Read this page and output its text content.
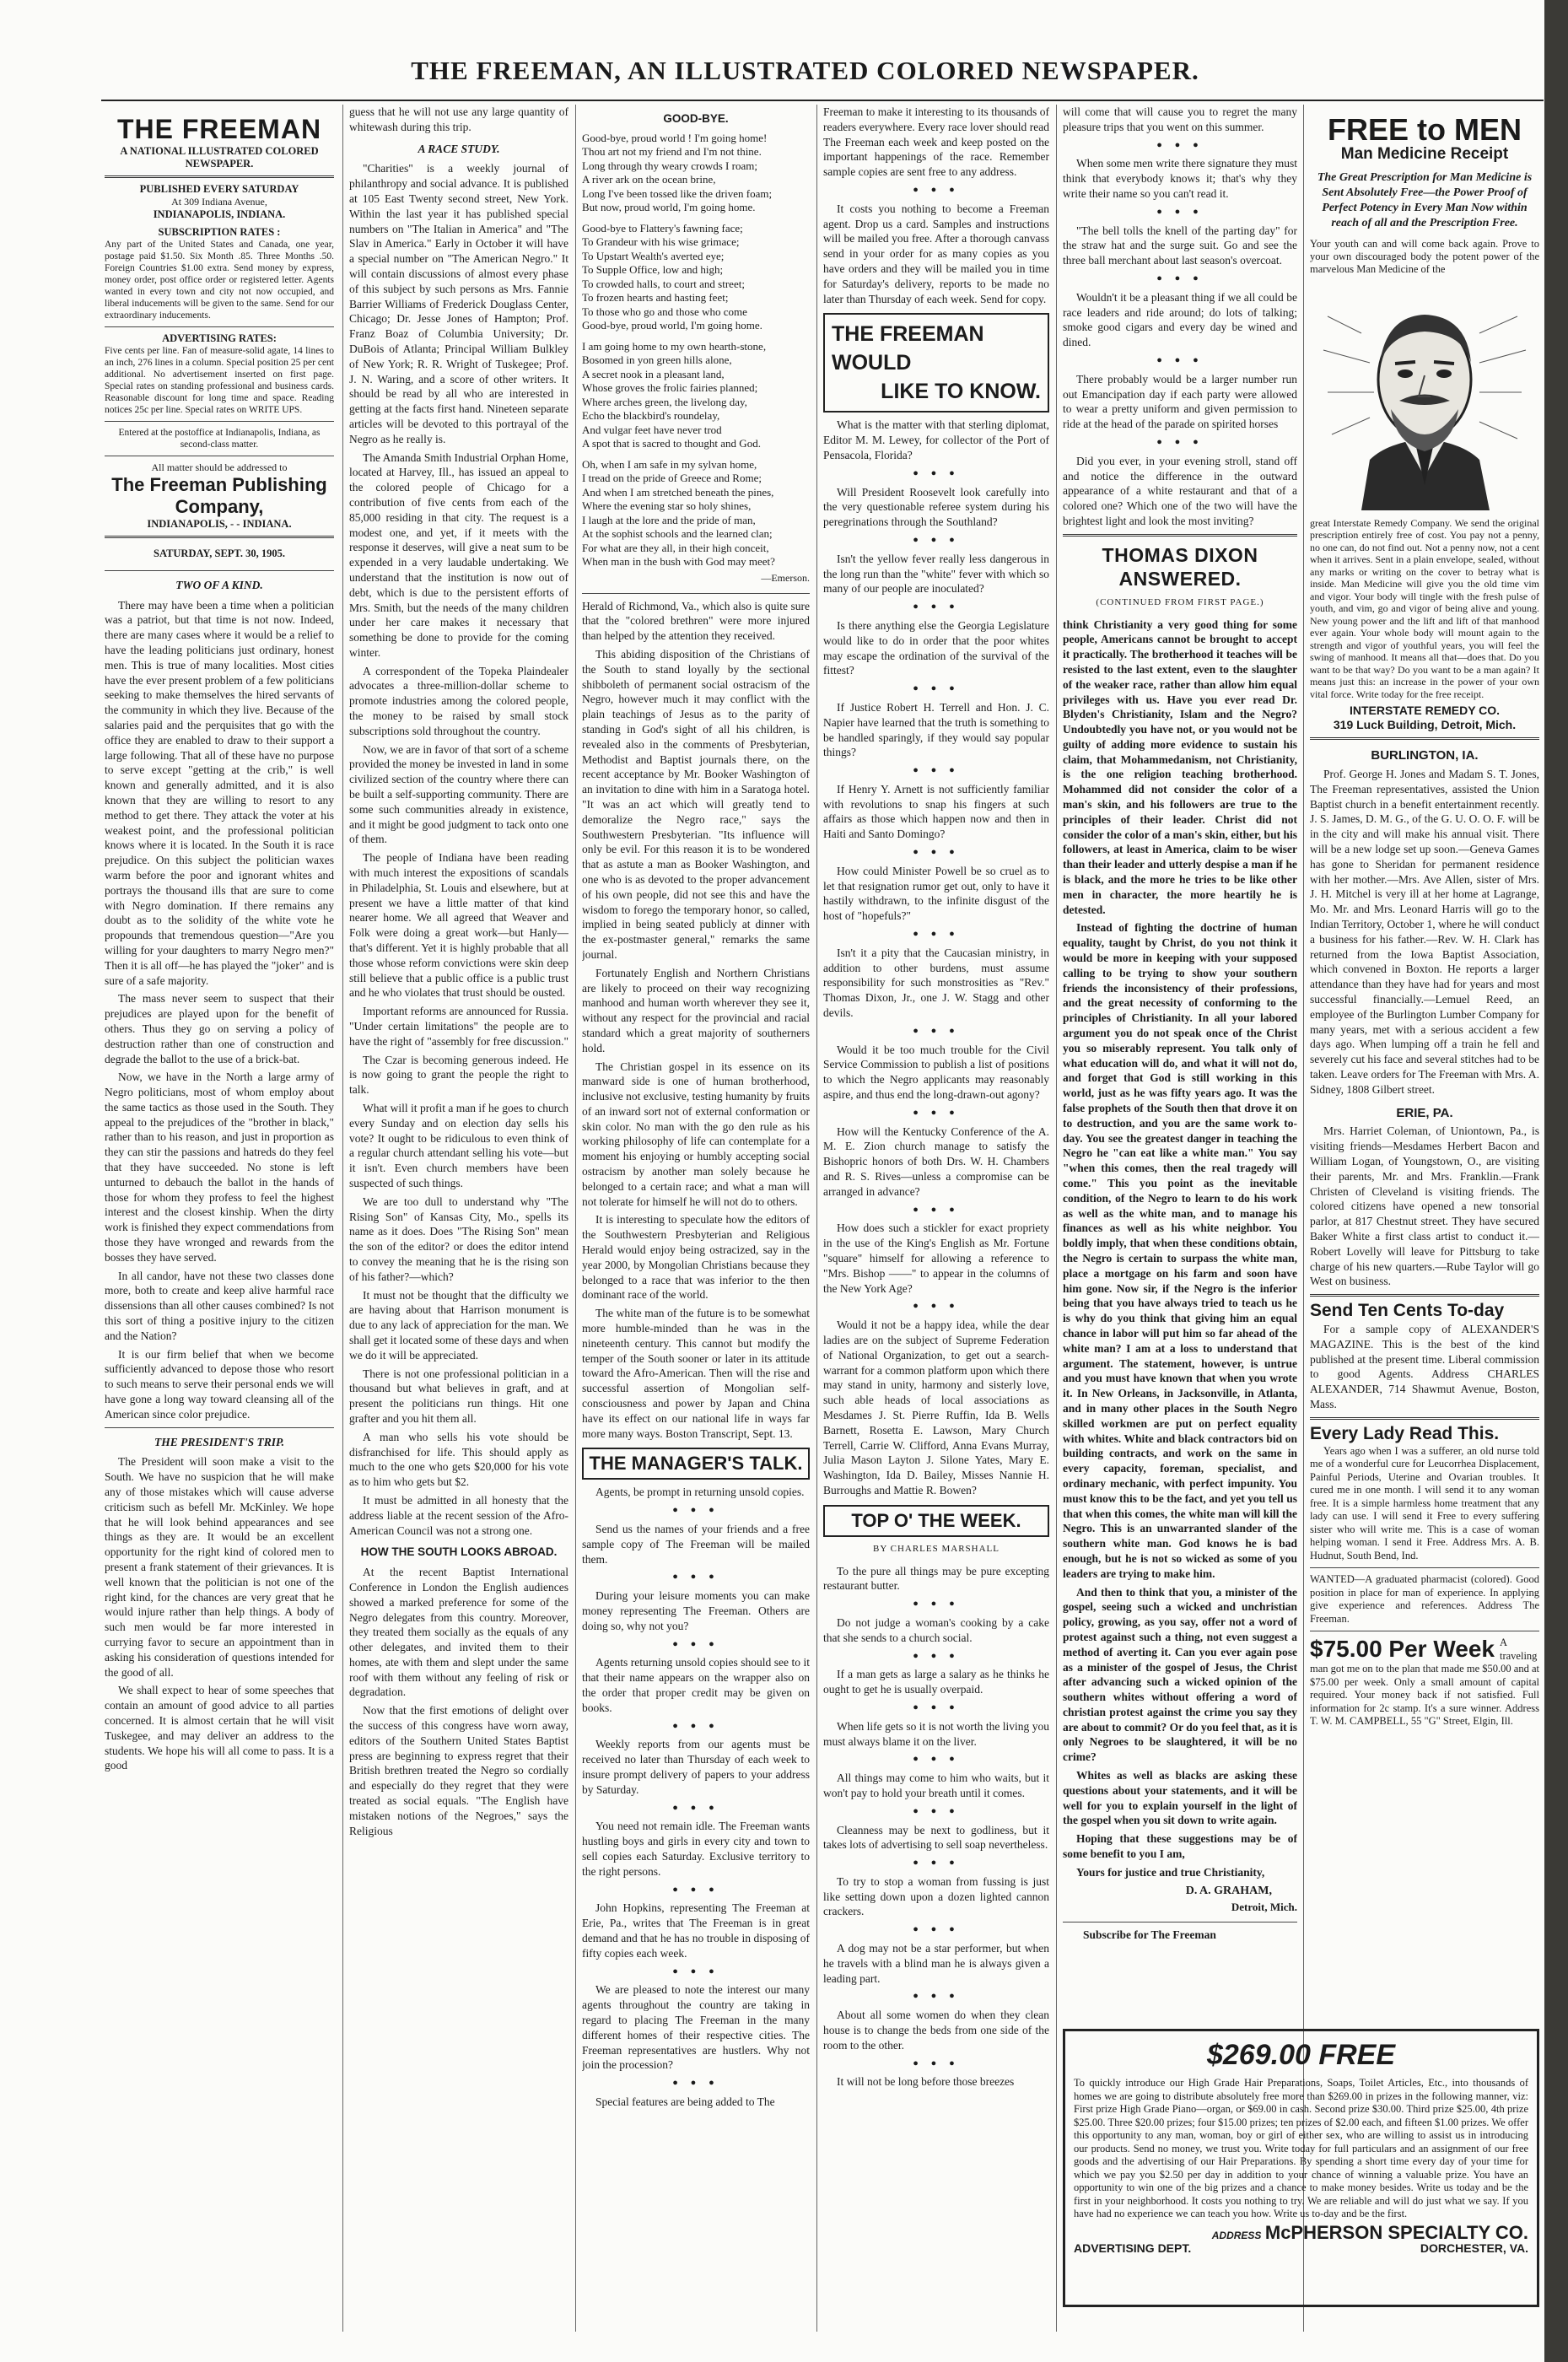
THE FREEMAN, AN ILLUSTRATED COLORED NEWSPAPER.
THE FREEMAN
A NATIONAL ILLUSTRATED COLORED NEWSPAPER.
PUBLISHED EVERY SATURDAY
At 309 Indiana Avenue,
INDIANAPOLIS, INDIANA.
SUBSCRIPTION RATES :
Any part of the United States and Canada, one year, postage paid $1.50. Six Month .85. Three Months .50. Foreign Countries $1.00 extra. Send money by express, money order, post office order or registered letter. Agents wanted in every town and city not now occupied, and liberal inducements will be given to the same. Send for our extraordinary inducements.
ADVERTISING RATES:
Five cents per line. Fan of measure-solid agate, 14 lines to an inch, 276 lines in a column. Special position 25 per cent additional. No advertisement inserted on first page. Special rates on standing professional and business cards. Reasonable discount for long time and space. Reading notices 25c per line. Special rates on WRITE UPS.
Entered at the postoffice at Indianapolis, Indiana, as second-class matter.
All matter should be addressed to
The Freeman Publishing Company,
INDIANAPOLIS, - - INDIANA.
SATURDAY, SEPT. 30, 1905.
TWO OF A KIND.

There may have been a time when a politician was a patriot, but that time is not now. Indeed, there are many cases where it would be a relief to have the leading politicians just ordinary, honest men. This is true of many localities. Most cities have the ever present problem of a few politicians seeking to make themselves the hired servants of the community in which they live. Because of the salaries paid and the perquisites that go with the office they are enabled to draw to their support a large following. That all of these have no purpose to serve except "getting at the crib," is well known and generally admitted, and it is also known that they are willing to resort to any method to get there. They attack the voter at his weakest point, and the professional politician knows where it is located. In the South it is race prejudice. On this subject the politician waxes warm before the poor and ignorant whites and portrays the thousand ills that are sure to come with Negro domination. If there remains any doubt as to the solidity of the white vote he propounds that tremendous question—"Are you willing for your daughters to marry Negro men?" Then it is all off—he has played the "joker" and is sure of a safe majority.

The mass never seem to suspect that their prejudices are played upon for the benefit of others. Thus they go on serving a policy of destruction rather than one of construction and degrade the ballot to the use of a brick-bat.

Now, we have in the North a large army of Negro politicians, most of whom employ about the same tactics as those used in the South. They appeal to the prejudices of the "brother in black," rather than to his reason, and just in proportion as they can stir the passions and hatreds do they feel that they have succeeded. No stone is left unturned to debauch the ballot in the hands of those for whom they profess to feel the highest interest and the closest kinship. When the dirty work is finished they expect commendations from those they have wronged and rewards from the bosses they have served.

In all candor, have not these two classes done more, both to create and keep alive harmful race dissensions than all other causes combined? Is not this sort of thing a positive injury to the citizen and the Nation?

It is our firm belief that when we become sufficiently advanced to depose those who resort to such means to serve their personal ends we will have gone a long way toward cleansing all of the American since color prejudice.

THE PRESIDENT'S TRIP.

The President will soon make a visit to the South. We have no suspicion that he will make any of those mistakes which will cause adverse criticism such as befell Mr. McKinley. We hope that he will look behind appearances and see things as they are. It would be an excellent opportunity for the right kind of colored men to present a frank statement of their grievances. It is well known that the politician is not one of the right kind, for the chances are very great that he would injure rather than help things. A body of such men would be far more interested in currying favor to secure an appointment than in asking his consideration of questions intended for the good of all.

We shall expect to hear of some speeches that contain an amount of good advice to all parties concerned. It is almost certain that he will visit Tuskegee, and may deliver an address to the students. We hope his will all come to pass. It is a good

guess that he will not use any large quantity of whitewash during this trip.

A RACE STUDY.

"Charities" is a weekly journal of philanthropy and social advance. It is published at 105 East Twenty second street, New York. Within the last year it has published special numbers on "The Italian in America" and "The Slav in America." Early in October it will have a special number on "The American Negro." It will contain discussions of almost every phase of this subject by such persons as Mrs. Fannie Barrier Williams of Frederick Douglass Center, Chicago; Dr. Jesse Jones of Hampton; Prof. Franz Boaz of Columbia University; Dr. DuBois of Atlanta; Principal William Bulkley of New York; R. R. Wright of Tuskegee; Prof. J. N. Waring, and a score of other writers. It should be read by all who are interested in getting at the facts first hand. Nineteen separate articles will be devoted to this portrayal of the Negro as he really is.

The Amanda Smith Industrial Orphan Home, located at Harvey, Ill., has issued an appeal to the colored people of Chicago for a contribution of five cents from each of the 85,000 residing in that city. The request is a modest one, and yet, if it meets with the response it deserves, will give a neat sum to be expended in a very laudable undertaking. We understand that the institution is now out of debt, which is due to the persistent efforts of Mrs. Smith, but the needs of the many children under her care makes it necessary that something be done to provide for the coming winter.

A correspondent of the Topeka Plaindealer advocates a three-million-dollar scheme to promote industries among the colored people, the money to be raised by small stock subscriptions sold throughout the country.

Now, we are in favor of that sort of a scheme provided the money be invested in land in some civilized section of the country where there can be built a self-supporting community. There are some such communities already in existence, and it might be good judgment to tack onto one of them.

The people of Indiana have been reading with much interest the expositions of scandals in Philadelphia, St. Louis and elsewhere, but at present we have a little matter of that kind nearer home. We all agreed that Weaver and Folk were doing a great work—but Hanly—that's different. Yet it is highly probable that all those whose reform convictions were skin deep still believe that a public office is a public trust and he who violates that trust should be ousted.

Important reforms are announced for Russia. "Under certain limitations" the people are to have the right of "assembly for free discussion."

The Czar is becoming generous indeed. He is now going to grant the people the right to talk.

What will it profit a man if he goes to church every Sunday and on election day sells his vote? It ought to be ridiculous to even think of a regular church attendant selling his vote—but it isn't. Even church members have been suspected of such things.

We are too dull to understand why "The Rising Son" of Kansas City, Mo., spells its name as it does. Does "The Rising Son" mean the son of the editor? or does the editor intend to convey the meaning that he is the rising son of his father?—which?

It must not be thought that the difficulty we are having about that Harrison monument is due to any lack of appreciation for the man. We shall get it located some of these days and when we do it will be appreciated.

There is not one professional politician in a thousand but what believes in graft, and at present the politicians run things. Hit one grafter and you hit them all.

A man who sells his vote should be disfranchised for life. This should apply as much to the one who gets $20,000 for his vote as to him who gets but $2.

It must be admitted in all honesty that the address liable at the recent session of the Afro-American Council was not a strong one.

HOW THE SOUTH LOOKS ABROAD.

At the recent Baptist International Conference in London the English audiences showed a marked preference for some of the Negro delegates from this country. Moreover, they treated them socially as the equals of any other delegates, and invited them to their homes, ate with them and slept under the same roof with them without any feeling of risk or degradation.

Now that the first emotions of delight over the success of this congress have worn away, editors of the Southern United States Baptist press are beginning to express regret that their British brethren treated the Negro so cordially and especially do they regret that they were treated as social equals. "The English have mistaken notions of the Negroes," says the Religious

GOOD-BYE.
Good-bye, proud world ! I'm going home!
Thou art not my friend and I'm not thine.
Long through thy weary crowds I roam;
A river ark on the ocean brine,
Long I've been tossed like the driven foam;
But now, proud world, I'm going home.
Good-bye to Flattery's fawning face;
To Grandeur with his wise grimace;
To Upstart Wealth's averted eye;
To Supple Office, low and high;
To crowded halls, to court and street;
To frozen hearts and hasting feet;
To those who go and those who come
Good-bye, proud world, I'm going home.
I am going home to my own hearth-stone,
Bosomed in yon green hills alone,
A secret nook in a pleasant land,
Whose groves the frolic fairies planned;
Where arches green, the livelong day,
Echo the blackbird's roundelay,
And vulgar feet have never trod
A spot that is sacred to thought and God.
Oh, when I am safe in my sylvan home,
I tread on the pride of Greece and Rome;
And when I am stretched beneath the pines,
Where the evening star so holy shines,
I laugh at the lore and the pride of man,
At the sophist schools and the learned clan;
For what are they all, in their high conceit,
When man in the bush with God may meet?
—Emerson.

Herald of Richmond, Va., which also is quite sure that the "colored brethren" were more injured than helped by the attention they received.

This abiding disposition of the Christians of the South to stand loyally by the sectional shibboleth of permanent social ostracism of the Negro, however much it may conflict with the plain teachings of Jesus as to the parity of standing in God's sight of all his children, is revealed also in the comments of Presbyterian, Methodist and Baptist journals there, on the recent acceptance by Mr. Booker Washington of an invitation to dine with him in a Saratoga hotel. "It was an act which will greatly tend to demoralize the Negro race," says the Southwestern Presbyterian. "Its influence will only be evil. For this reason it is to be wondered that as astute a man as Booker Washington, and one who is as devoted to the proper advancement of his own people, did not see this and have the wisdom to forego the temporary honor, so called, implied in being seated publicly at dinner with the ex-postmaster general," remarks the same journal.

Fortunately English and Northern Christians are likely to proceed on their way recognizing manhood and human worth wherever they see it, without any respect for the provincial and racial standard which a great majority of southerners hold.

The Christian gospel in its essence on its manward side is one of human brotherhood, inclusive not exclusive, testing humanity by fruits of an inward sort not of external conformation or skin color. No man with the go den rule as his working philosophy of life can contemplate for a moment his enjoying or humbly accepting social ostracism by another man solely because he belonged to a certain race; and what a man will not tolerate for himself he will not do to others.

It is interesting to speculate how the editors of the Southwestern Presbyterian and Religious Herald would enjoy being ostracized, say in the year 2000, by Mongolian Christians because they belonged to a race that was inferior to the then dominant race of the world.

The white man of the future is to be somewhat more humble-minded than he was in the nineteenth century. This cannot but modify the temper of the South sooner or later in its attitude toward the Afro-American. Then will the rise and successful assertion of Mongolian self-consciousness and power by Japan and China have its effect on our national life in ways far more many ways. Boston Transcript, Sept. 13.

THE MANAGER'S TALK.

Agents, be prompt in returning unsold copies.

● ● ●

Send us the names of your friends and a free sample copy of The Freeman will be mailed them.

● ● ●

During your leisure moments you can make money representing The Freeman. Others are doing so, why not you?

● ● ●

Agents returning unsold copies should see to it that their name appears on the wrapper also on the order that proper credit may be given on books.

● ● ●

Weekly reports from our agents must be received no later than Thursday of each week to insure prompt delivery of papers to your address by Saturday.

● ● ●

You need not remain idle. The Freeman wants hustling boys and girls in every city and town to sell copies each Saturday. Exclusive territory to the right persons.

● ● ●

John Hopkins, representing The Freeman at Erie, Pa., writes that The Freeman is in great demand and that he has no trouble in disposing of fifty copies each week.

● ● ●

We are pleased to note the interest our many agents throughout the country are taking in regard to placing The Freeman in the many different homes of their respective cities. The Freeman representatives are hustlers. Why not join the procession?

● ● ●

Special features are being added to The

Freeman to make it interesting to its thousands of readers everywhere. Every race lover should read The Freeman each week and keep posted on the important happenings of the race. Remember sample copies are sent free to any address.

● ● ●

It costs you nothing to become a Freeman agent. Drop us a card. Samples and instructions will be mailed you free. After a thorough canvass send in your order for as many copies as you have orders and they will be mailed you in time for Saturday's delivery, reports to be made no later than Thursday of each week. Send for copy.

THE FREEMAN WOULD
LIKE TO KNOW.

What is the matter with that sterling diplomat, Editor M. M. Lewey, for collector of the Port of Pensacola, Florida?

● ● ●

Will President Roosevelt look carefully into the very questionable referee system during his peregrinations through the Southland?

● ● ●

Isn't the yellow fever really less dangerous in the long run than the "white" fever with which so many of our people are inoculated?

● ● ●

Is there anything else the Georgia Legislature would like to do in order that the poor whites may escape the ordination of the survival of the fittest?

● ● ●

If Justice Robert H. Terrell and Hon. J. C. Napier have learned that the truth is something to be handled sparingly, if they would say popular things?

● ● ●

If Henry Y. Arnett is not sufficiently familiar with revolutions to snap his fingers at such affairs as those which happen now and then in Haiti and Santo Domingo?

● ● ●

How could Minister Powell be so cruel as to let that resignation rumor get out, only to have it hastily withdrawn, to the infinite disgust of the host of "hopefuls?"

● ● ●

Isn't it a pity that the Caucasian ministry, in addition to other burdens, must assume responsibility for such monstrosities as "Rev." Thomas Dixon, Jr., one J. W. Stagg and other devils.

● ● ●

Would it be too much trouble for the Civil Service Commission to publish a list of positions to which the Negro applicants may reasonably aspire, and thus end the long-drawn-out agony?

● ● ●

How will the Kentucky Conference of the A. M. E. Zion church manage to satisfy the Bishopric honors of both Drs. W. H. Chambers and R. S. Rives—unless a compromise can be arranged in advance?

● ● ●

How does such a stickler for exact propriety in the use of the King's English as Mr. Fortune "square" himself for allowing a reference to "Mrs. Bishop ——" to appear in the columns of the New York Age?

● ● ●

Would it not be a happy idea, while the dear ladies are on the subject of Supreme Federation of National Organization, to get out a search-warrant for a common platform upon which there may stand in unity, harmony and sisterly love, such able heads of local associations as Mesdames J. St. Pierre Ruffin, Ida B. Wells Barnett, Rosetta E. Lawson, Mary Church Terrell, Carrie W. Clifford, Anna Evans Murray, Julia Mason Layton J. Silone Yates, Mary E. Washington, Ida D. Bailey, Misses Nannie H. Burroughs and Mattie R. Bowen?

TOP O' THE WEEK.
BY CHARLES MARSHALL

To the pure all things may be pure excepting restaurant butter.

● ● ●

Do not judge a woman's cooking by a cake that she sends to a church social.

● ● ●

If a man gets as large a salary as he thinks he ought to get he is usually overpaid.

● ● ●

When life gets so it is not worth the living you must always blame it on the liver.

● ● ●

All things may come to him who waits, but it won't pay to hold your breath until it comes.

● ● ●

Cleanness may be next to godliness, but it takes lots of advertising to sell soap nevertheless.

● ● ●

To try to stop a woman from fussing is just like setting down upon a dozen lighted cannon crackers.

● ● ●

A dog may not be a star performer, but when he travels with a blind man he is always given a leading part.

● ● ●

About all some women do when they clean house is to change the beds from one side of the room to the other.

● ● ●

It will not be long before those breezes

will come that will cause you to regret the many pleasure trips that you went on this summer.

● ● ●

When some men write there signature they must think that everybody knows it; that's why they write their name so you can't read it.

● ● ●

"The bell tolls the knell of the parting day" for the straw hat and the surge suit. Go and see the three ball merchant about last season's overcoat.

● ● ●

Wouldn't it be a pleasant thing if we all could be race leaders and ride around; do lots of talking; smoke good cigars and every day be wined and dined.

● ● ●

There probably would be a larger number run out Emancipation day if each party were allowed to wear a pretty uniform and given permission to ride at the head of the parade on spirited horses

● ● ●

Did you ever, in your evening stroll, stand off and notice the difference in the outward appearance of a white restaurant and that of a colored one? Which one of the two will have the brightest light and look the most inviting?

THOMAS DIXON ANSWERED.
(CONTINUED FROM FIRST PAGE.)

think Christianity a very good thing for some people, Americans cannot be brought to accept it practically. The brotherhood it teaches will be resisted to the last extent, even to the slaughter of the weaker race, rather than allow him equal privileges with us. Have you ever read Dr. Blyden's Christianity, Islam and the Negro? Undoubtedly you have not, or you would not be guilty of adding more evidence to sustain his claim, that Mohammedanism, not Christianity, is the one religion teaching brotherhood. Mohammed did not consider the color of a man's skin, and his followers are true to the principles of their leader. Christ did not consider the color of a man's skin, either, but his followers, at least in America, claim to be wiser than their leader and utterly despise a man if he is black, and the more he tries to be like other men in character, the more heartily he is detested.

Instead of fighting the doctrine of human equality, taught by Christ, do you not think it would be more in keeping with your supposed calling to be trying to show your southern friends the inconsistency of their professions, and the great necessity of conforming to the principles of Christianity. In all your labored argument you do not speak once of the Christ you so miserably represent. You talk only of what education will do, and what it will not do, and forget that God is still working in this world, just as he was fifty years ago. It was the false prophets of the South then that drove it on to destruction, and you are the same work to-day. You see the greatest danger in teaching the Negro he "can eat like a white man." You say "when this comes, then the real tragedy will come." This you point as the inevitable condition, of the Negro to learn to do his work as well as the white man, and to manage his finances as well as his white neighbor. You boldly imply, that when these conditions obtain, the Negro is certain to surpass the white man, place a mortgage on his farm and soon have him gone. Now sir, if the Negro is the inferior being that you have always tried to teach us he is why do you think that giving him an equal chance in labor will put him so far ahead of the white man? I am at a loss to understand that argument. The statement, however, is untrue and you must have known that when you wrote it. In New Orleans, in Jacksonville, in Atlanta, and in many other places in the South Negro skilled workmen are put on perfect equality with whites. White and black contractors bid on building contracts, and work on the same in every capacity, foreman, specialist, and ordinary mechanic, with perfect impunity. You must know this to be the fact, and yet you tell us that when this comes, the white man will kill the Negro. This is an unwarranted slander of the southern white man. God knows he is bad enough, but he is not so wicked as some of you leaders are trying to make him.

And then to think that you, a minister of the gospel, seeing such a wicked and unchristian policy, growing, as you say, offer not a word of protest against such a thing, not even suggest a method of averting it. Can you ever again pose as a minister of the gospel of Jesus, the Christ after advancing such a wicked opinion of the southern whites without offering a word of christian protest against the crime you say they are about to commit? Or do you feel that, as it is only Negroes to be slaughtered, it will be no crime?

Whites as well as blacks are asking these questions about your statements, and it will be well for you to explain yourself in the light of the gospel when you sit down to write again.

Hoping that these suggestions may be of some benefit to you I am,

Yours for justice and true Christianity,

D. A. GRAHAM,
Detroit, Mich.
Subscribe for The Freeman
FREE to MEN
Man Medicine Receipt
The Great Prescription for Man Medicine is Sent Absolutely Free—the Power Proof of Perfect Potency in Every Man Now within reach of all and the Prescription Free.
Your youth can and will come back again. Prove to your own discouraged body the potent power of the marvelous Man Medicine of the
great Interstate Remedy Company. We send the original prescription entirely free of cost. You pay not a penny, no one can, do not find out. Not a penny now, not a cent when it arrives. Sent in a plain envelope, sealed, without any marks or writing on the cover to betray what is inside. Man Medicine will give you the old time vim and vigor. Your body will tingle with the fresh pulse of youth, and vim, go and vigor of being alive and young. New young power and the lift and lift of that manhood ever again. Your whole body will mount again to the strength and vigor of youthful years, you will feel the swing of manhood. It means all that—does that. Do you want to be that way? Do you want to be a man again? It means just this: an increase in the power of your own vital force. Write today for the free receipt.
INTERSTATE REMEDY CO.
319 Luck Building, Detroit, Mich.
BURLINGTON, IA.

Prof. George H. Jones and Madam S. T. Jones, The Freeman representatives, assisted the Union Baptist church in a benefit entertainment recently. J. S. James, D. M. G., of the G. U. O. O. F. will be in the city and will make his annual visit. There will be a new lodge set up soon.—Geneva Games has gone to Sheridan for permanent residence with her mother.—Mrs. Ave Allen, sister of Mrs. J. H. Mitchel is very ill at her home at Lagrange, Mo. Mr. and Mrs. Leonard Harris will go to the Indian Territory, October 1, where he will conduct a business for his father.—Rev. W. H. Clark has returned from the Iowa Baptist Association, which convened in Boxton. He reports a larger attendance than they have had for years and most successful financially.—Lemuel Reed, an employee of the Burlington Lumber Company for many years, met with a serious accident a few days ago. When lumping off a train he fell and severely cut his face and several stitches had to be taken. Leave orders for The Freeman with Mrs. A. Sidney, 1808 Gilbert street.

ERIE, PA.

Mrs. Harriet Coleman, of Uniontown, Pa., is visiting friends—Mesdames Herbert Bacon and William Logan, of Youngstown, O., are visiting their parents, Mr. and Mrs. Franklin.—Frank Christen of Cleveland is visiting friends. The colored citizens have opened a new tonsorial parlor, at 817 Chestnut street. They have secured Baker White a first class artist to conduct it.—Robert Lovelly will leave for Pittsburg to take charge of his new quarters.—Rube Taylor will go West on business.

Send Ten Cents To-day

For a sample copy of ALEXANDER'S MAGAZINE. This is the best of the kind published at the present time. Liberal commission to good Agents. Address CHARLES ALEXANDER, 714 Shawmut Avenue, Boston, Mass.

Every Lady Read This.

Years ago when I was a sufferer, an old nurse told me of a wonderful cure for Leucorrhea Displacement, Painful Periods, Uterine and Ovarian troubles. It cured me in one month. I will send it to any woman free. It is a simple harmless home treatment that any lady can use. I will send it Free to every suffering sister who will write me. This is a case of woman helping woman. I send it Free. Address Mrs. A. B. Hudnut, South Bend, Ind.

WANTED—A graduated pharmacist (colored). Good position in place for man of experience. In applying give experience and references. Address The Freeman.
$75.00 Per Week A traveling man got me on to the plan that made me $50.00 and at $75.00 per week. Only a small amount of capital required. Your money back if not satisfied. Full information for 2c stamp. It's a sure winner. Address T. W. M. CAMPBELL, 55 "G" Street, Elgin, Ill.
$269.00 FREE
To quickly introduce our High Grade Hair Preparations, Soaps, Toilet Articles, Etc., into thousands of homes we are going to distribute absolutely free more than $269.00 in prizes in the following manner, viz: First prize High Grade Piano—organ, or $69.00 in cash. Second prize $30.00. Third prize $25.00, 4th prize $25.00. Three $20.00 prizes; four $15.00 prizes; ten prizes of $2.00 each, and fifteen $1.00 prizes. We offer this opportunity to any man, woman, boy or girl of either sex, who are willing to assist us in introducing our products. Send no money, we trust you. Write today for full particulars and an assignment of our free goods and the advertising of our Hair Preparations. By spending a short time every day of your time for which we pay you $2.50 per day in addition to your chance of winning a valuable prize. You have an opportunity to win one of the big prizes and a chance to make money besides. Write us today and be the first in your neighborhood. It costs you nothing to try. We are reliable and will do just what we say. If you have had no experience we can teach you how. Write us to-day and be the first.
ADDRESS McPHERSON SPECIALTY CO.
ADVERTISING DEPT.	DORCHESTER, VA.
